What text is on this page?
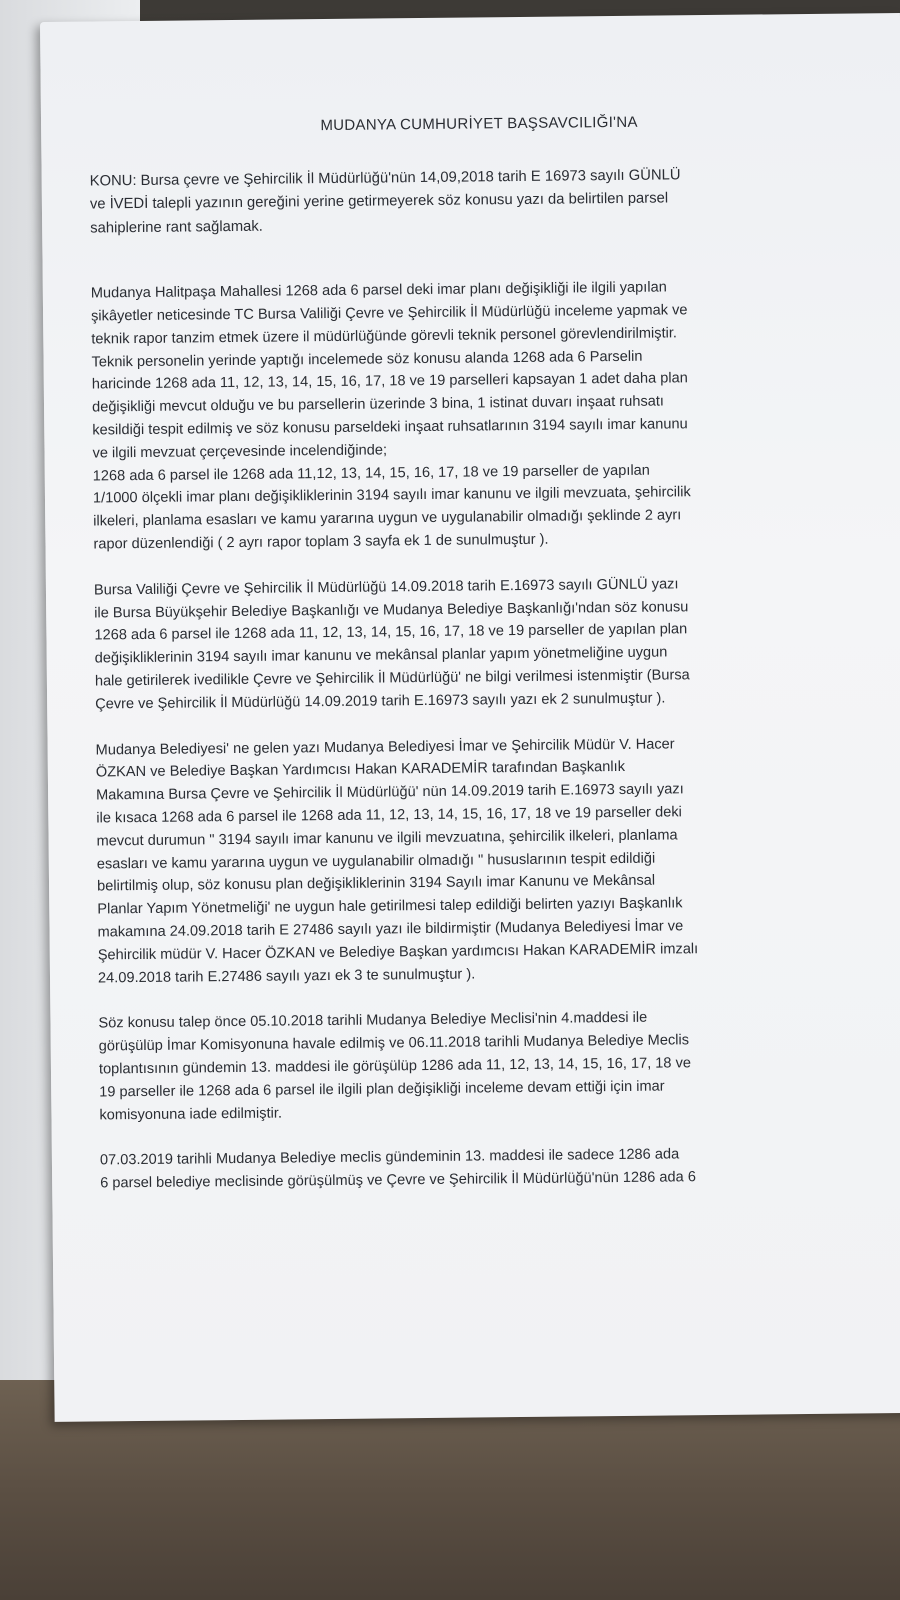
MUDANYA CUMHURİYET BAŞSAVCILIĞI'NA
KONU: Bursa çevre ve Şehircilik İl Müdürlüğü'nün 14,09,2018 tarih E 16973 sayılı GÜNLÜ
ve İVEDİ talepli yazının gereğini yerine getirmeyerek söz konusu yazı da belirtilen parsel
sahiplerine rant sağlamak.
Mudanya Halitpaşa Mahallesi 1268 ada 6 parsel deki imar planı değişikliği ile ilgili yapılan
şikâyetler neticesinde TC Bursa Valiliği Çevre ve Şehircilik İl Müdürlüğü inceleme yapmak ve
teknik rapor tanzim etmek üzere il müdürlüğünde görevli teknik personel görevlendirilmiştir.
Teknik personelin yerinde yaptığı incelemede söz konusu alanda 1268 ada 6 Parselin
haricinde 1268 ada 11, 12, 13, 14, 15, 16, 17, 18 ve 19 parselleri kapsayan 1 adet daha plan
değişikliği mevcut olduğu ve bu parsellerin üzerinde 3 bina, 1 istinat duvarı inşaat ruhsatı
kesildiği tespit edilmiş ve söz konusu parseldeki inşaat ruhsatlarının 3194 sayılı imar kanunu
ve ilgili mevzuat çerçevesinde incelendiğinde;
1268 ada 6 parsel ile 1268 ada 11,12, 13, 14, 15, 16, 17, 18 ve 19 parseller de yapılan
1/1000 ölçekli imar planı değişikliklerinin 3194 sayılı imar kanunu ve ilgili mevzuata, şehircilik
ilkeleri, planlama esasları ve kamu yararına uygun ve uygulanabilir olmadığı şeklinde 2 ayrı
rapor düzenlendiği ( 2 ayrı rapor toplam 3 sayfa ek 1 de sunulmuştur ).
Bursa Valiliği Çevre ve Şehircilik İl Müdürlüğü 14.09.2018 tarih E.16973 sayılı GÜNLÜ yazı
ile Bursa Büyükşehir Belediye Başkanlığı ve Mudanya Belediye Başkanlığı'ndan söz konusu
1268 ada 6 parsel ile 1268 ada 11, 12, 13, 14, 15, 16, 17, 18 ve 19 parseller de yapılan plan
değişikliklerinin 3194 sayılı imar kanunu ve mekânsal planlar yapım yönetmeliğine uygun
hale getirilerek ivedilikle Çevre ve Şehircilik İl Müdürlüğü' ne bilgi verilmesi istenmiştir (Bursa
Çevre ve Şehircilik İl Müdürlüğü 14.09.2019 tarih E.16973 sayılı yazı ek 2 sunulmuştur ).
Mudanya Belediyesi' ne gelen yazı Mudanya Belediyesi İmar ve Şehircilik Müdür V. Hacer
ÖZKAN ve Belediye Başkan Yardımcısı Hakan KARADEMİR tarafından Başkanlık
Makamına Bursa Çevre ve Şehircilik İl Müdürlüğü' nün 14.09.2019 tarih E.16973 sayılı yazı
ile kısaca 1268 ada 6 parsel ile 1268 ada 11, 12, 13, 14, 15, 16, 17, 18 ve 19 parseller deki
mevcut durumun " 3194 sayılı imar kanunu ve ilgili mevzuatına, şehircilik ilkeleri, planlama
esasları ve kamu yararına uygun ve uygulanabilir olmadığı " hususlarının tespit edildiği
belirtilmiş olup, söz konusu plan değişikliklerinin 3194 Sayılı imar Kanunu ve Mekânsal
Planlar Yapım Yönetmeliği' ne uygun hale getirilmesi talep edildiği belirten yazıyı Başkanlık
makamına 24.09.2018 tarih E 27486 sayılı yazı ile bildirmiştir (Mudanya Belediyesi İmar ve
Şehircilik müdür V. Hacer ÖZKAN ve Belediye Başkan yardımcısı Hakan KARADEMİR imzalı
24.09.2018 tarih E.27486 sayılı yazı ek 3 te sunulmuştur ).
Söz konusu talep önce 05.10.2018 tarihli Mudanya Belediye Meclisi'nin 4.maddesi ile
görüşülüp İmar Komisyonuna havale edilmiş ve 06.11.2018 tarihli Mudanya Belediye Meclis
toplantısının gündemin 13. maddesi ile görüşülüp 1286 ada 11, 12, 13, 14, 15, 16, 17, 18 ve
19 parseller ile 1268 ada 6 parsel ile ilgili plan değişikliği inceleme devam ettiği için imar
komisyonuna iade edilmiştir.
07.03.2019 tarihli Mudanya Belediye meclis gündeminin 13. maddesi ile sadece 1286 ada
6 parsel belediye meclisinde görüşülmüş ve Çevre ve Şehircilik İl Müdürlüğü'nün 1286 ada 6
